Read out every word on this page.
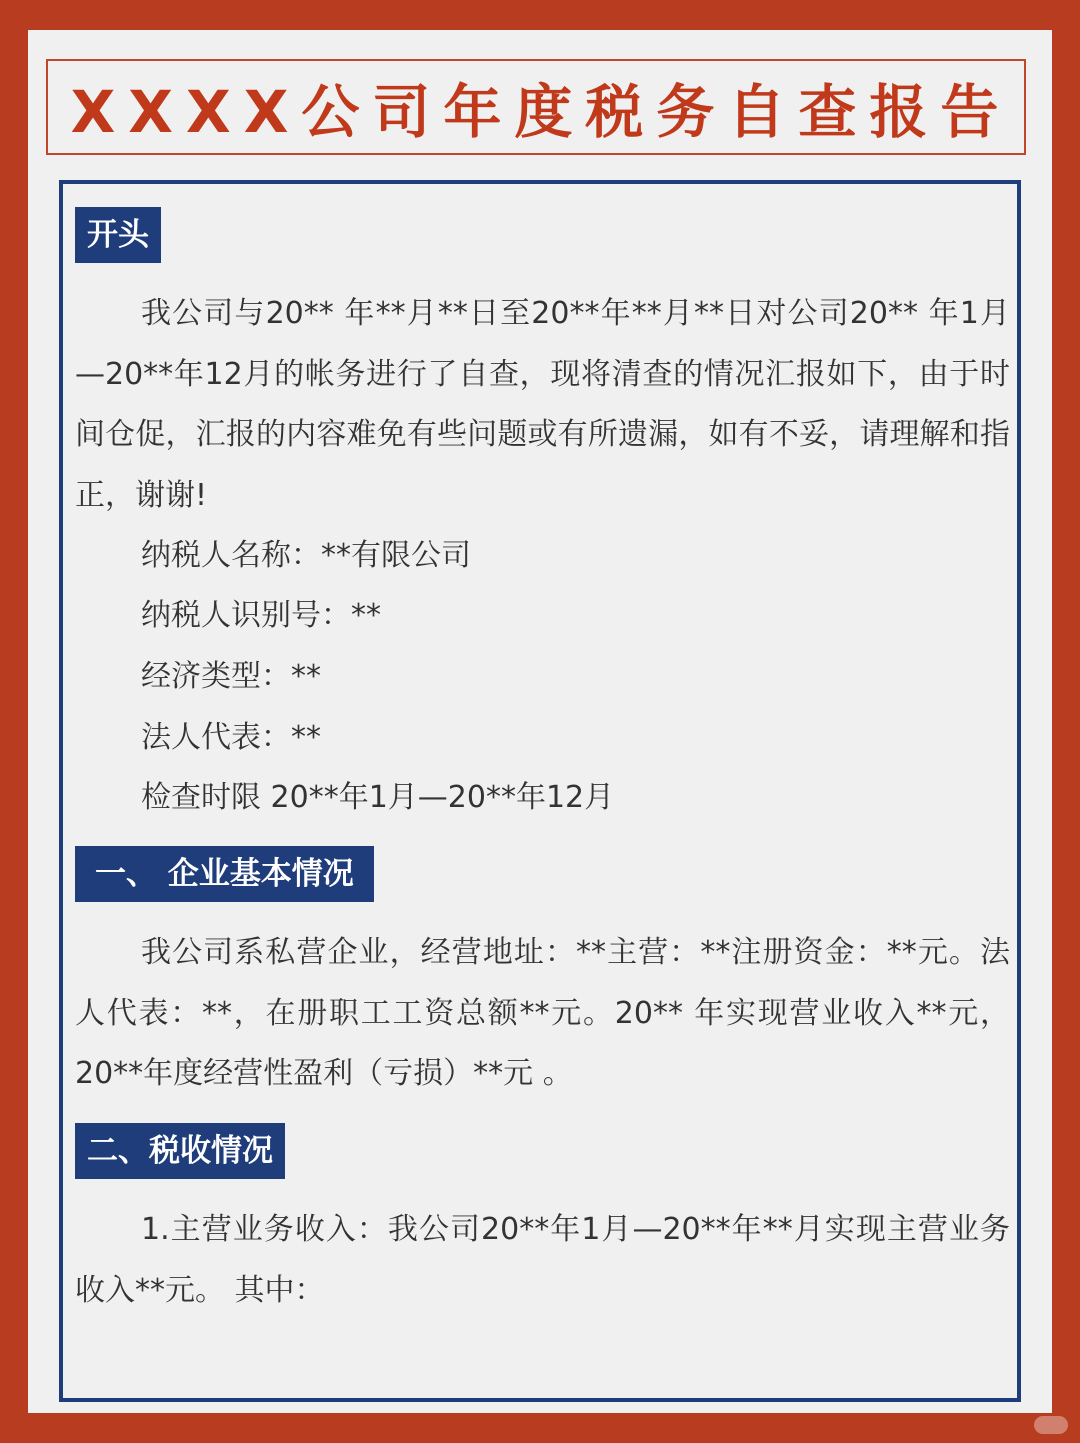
XXXX公司年度税务自查报告
开头

我公司与20** 年**月**日至20**年**月**日对公司20** 年1月—20**年12月的帐务进行了自查，现将清查的情况汇报如下，由于时间仓促，汇报的内容难免有些问题或有所遗漏，如有不妥，请理解和指正，谢谢!

纳税人名称：**有限公司
纳税人识别号：**
经济类型：**
法人代表：**
检查时限 20**年1月—20**年12月
一、 企业基本情况

我公司系私营企业，经营地址：**主营：**注册资金：**元。法人代表：**，在册职工工资总额**元。20** 年实现营业收入**元， 20**年度经营性盈利（亏损）**元 。

二、税收情况

1.主营业务收入：我公司20**年1月—20**年**月实现主营业务收入**元。 其中：
